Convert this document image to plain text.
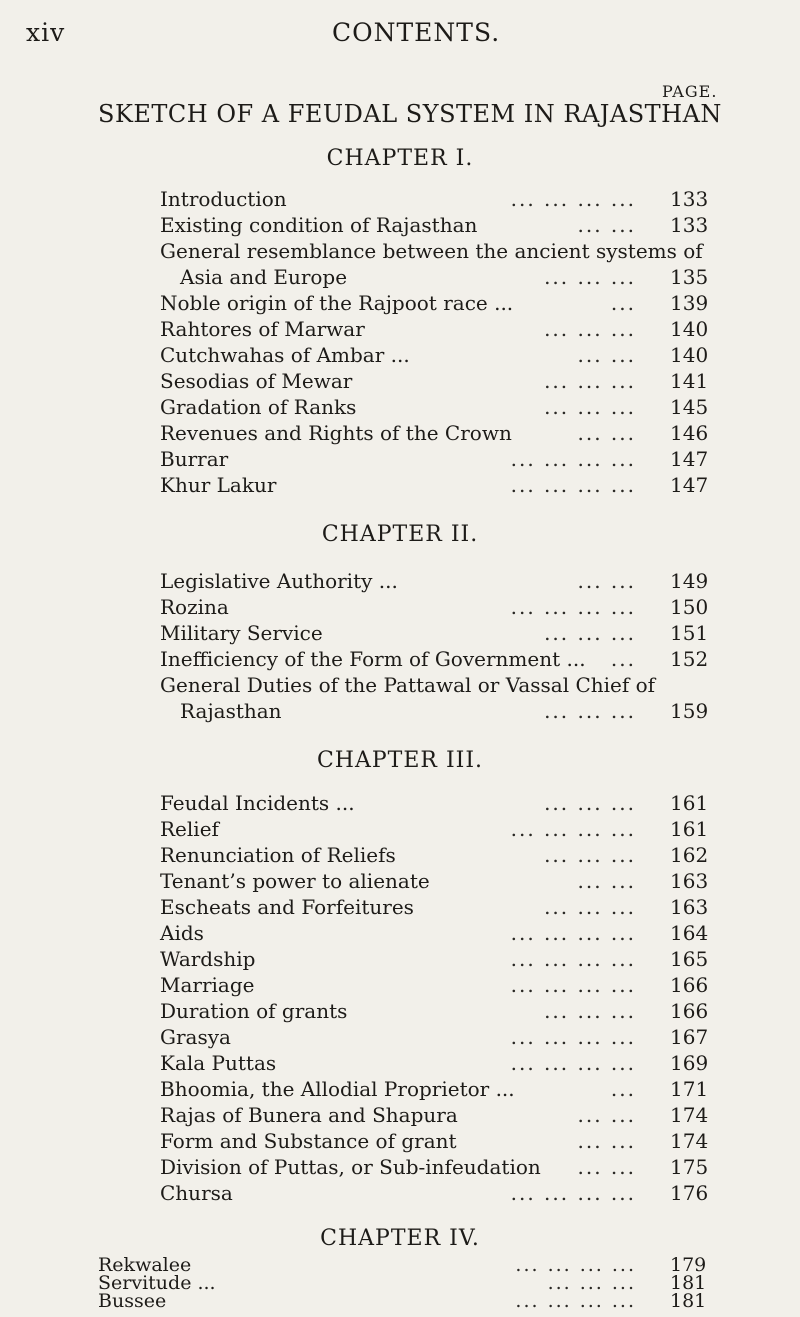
xiv	CONTENTS.
PAGE.
SKETCH OF A FEUDAL SYSTEM IN RAJASTHAN
CHAPTER I.
Introduction	... ... ... ... 133
Existing condition of Rajasthan	... ... 133
General resemblance between the ancient systems of
Asia and Europe	... ... ... 135
Noble origin of the Rajpoot race ...	... 139
Rahtores of Marwar	... ... ... 140
Cutchwahas of Ambar ...	... ... 140
Sesodias of Mewar	... ... ... 141
Gradation of Ranks	... ... ... 145
Revenues and Rights of the Crown	... ... 146
Burrar	... ... ... ... 147
Khur Lakur	... ... ... ... 147
CHAPTER II.
Legislative Authority ...	... ... 149
Rozina	... ... ... ... 150
Military Service	... ... ... 151
Inefficiency of the Form of Government ... ... 152
General Duties of the Pattawal or Vassal Chief of
Rajasthan	... ... ... 159
CHAPTER III.
Feudal Incidents ...	... ... ... 161
Relief	... ... ... ... 161
Renunciation of Reliefs	... ... ... 162
Tenant’s power to alienate	... ... 163
Escheats and Forfeitures	... ... ... 163
Aids	... ... ... ... 164
Wardship	... ... ... ... 165
Marriage	... ... ... ... 166
Duration of grants	... ... ... 166
Grasya	... ... ... ... 167
Kala Puttas	... ... ... ... 169
Bhoomia, the Allodial Proprietor ...	... 171
Rajas of Bunera and Shapura	... ... 174
Form and Substance of grant	... ... 174
Division of Puttas, or Sub-infeudation ... ... 175
Chursa	... ... ... ... 176
CHAPTER IV.
Rekwalee	... ... ... ... 179
Servitude ...	... ... ... 181
Bussee	... ... ... ... 181
